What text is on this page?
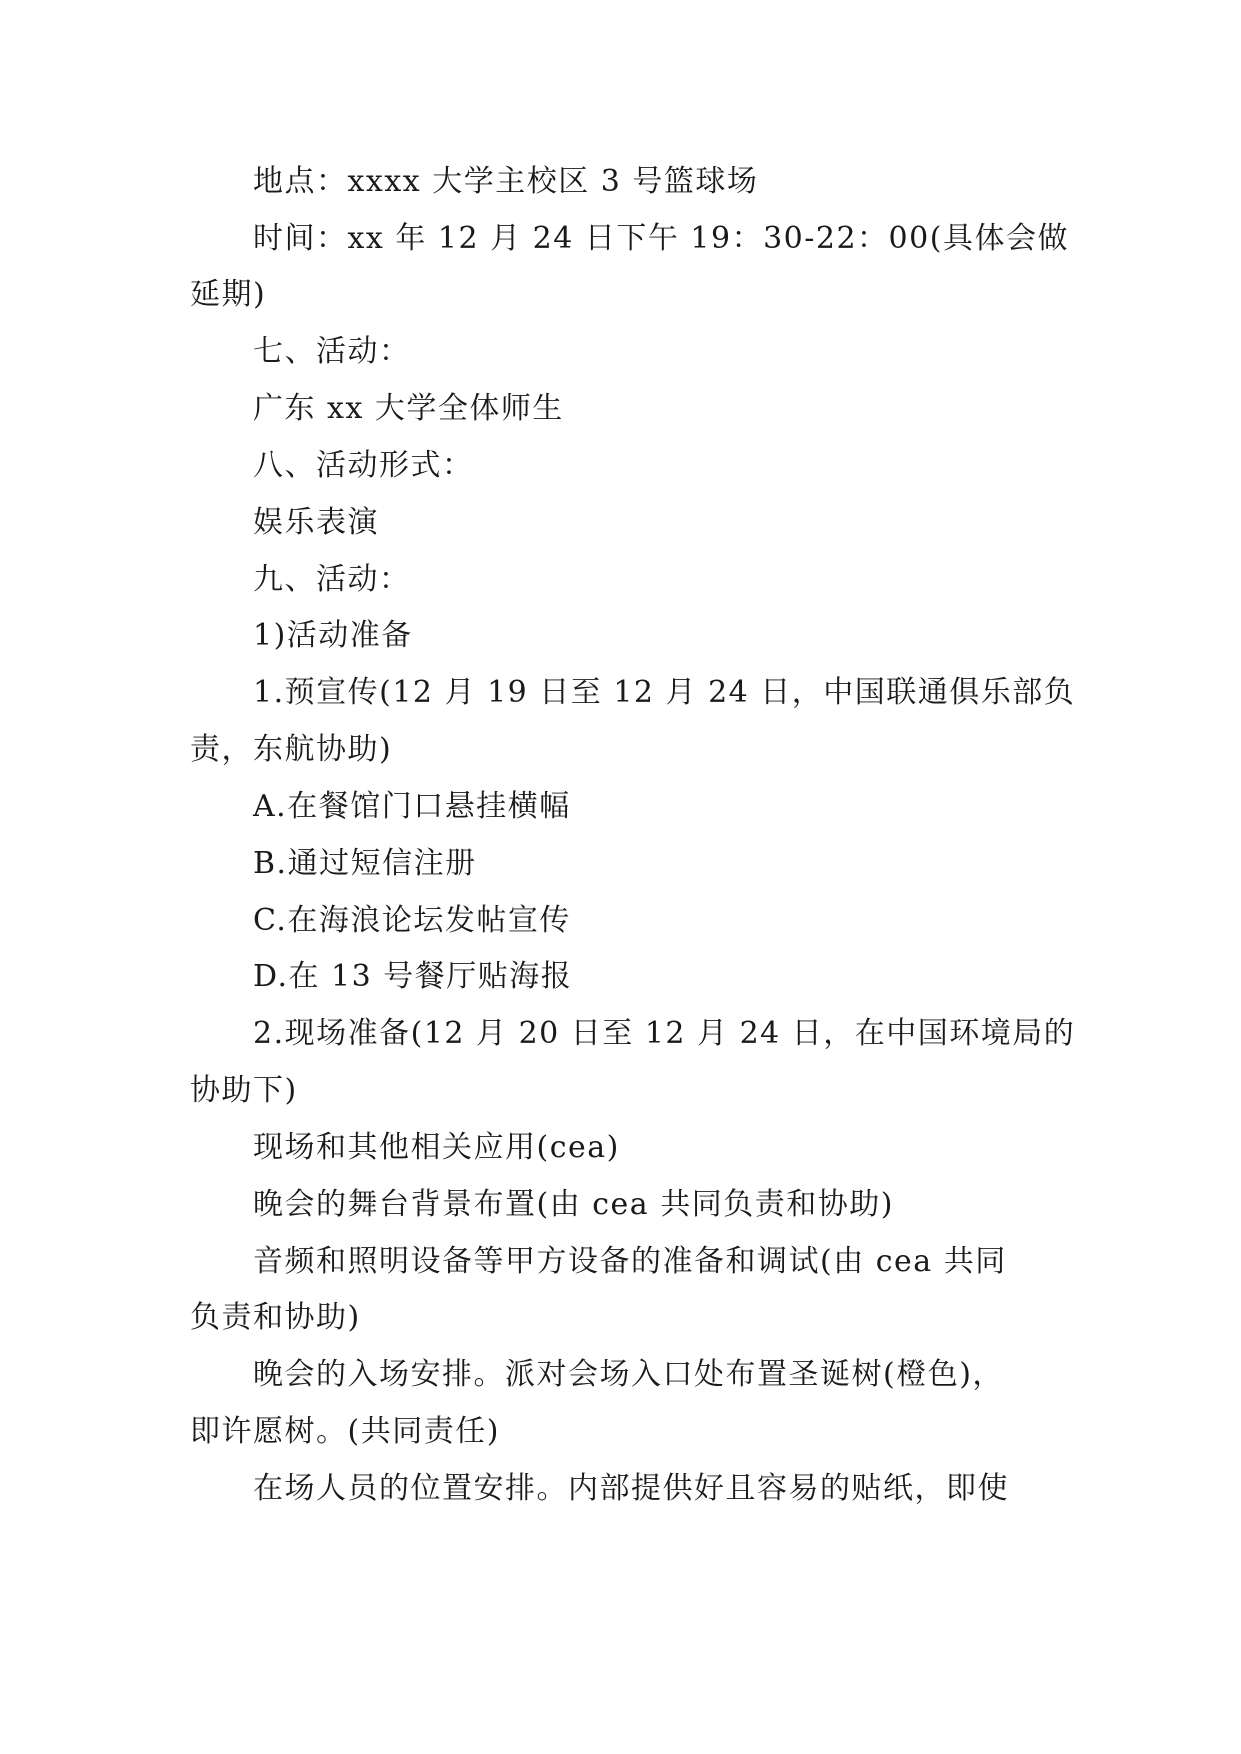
地点：xxxx 大学主校区 3 号篮球场

时间：xx 年 12 月 24 日下午 19：30-22：00(具体会做

延期)

七、活动：

广东 xx 大学全体师生

八、活动形式：

娱乐表演

九、活动：

1)活动准备

1.预宣传(12 月 19 日至 12 月 24 日，中国联通俱乐部负

责，东航协助)

A.在餐馆门口悬挂横幅

B.通过短信注册

C.在海浪论坛发帖宣传

D.在 13 号餐厅贴海报

2.现场准备(12 月 20 日至 12 月 24 日，在中国环境局的

协助下)

现场和其他相关应用(cea)

晚会的舞台背景布置(由 cea 共同负责和协助)

音频和照明设备等甲方设备的准备和调试(由 cea 共同

负责和协助)

晚会的入场安排。派对会场入口处布置圣诞树(橙色)，

即许愿树。(共同责任)

在场人员的位置安排。内部提供好且容易的贴纸，即使
